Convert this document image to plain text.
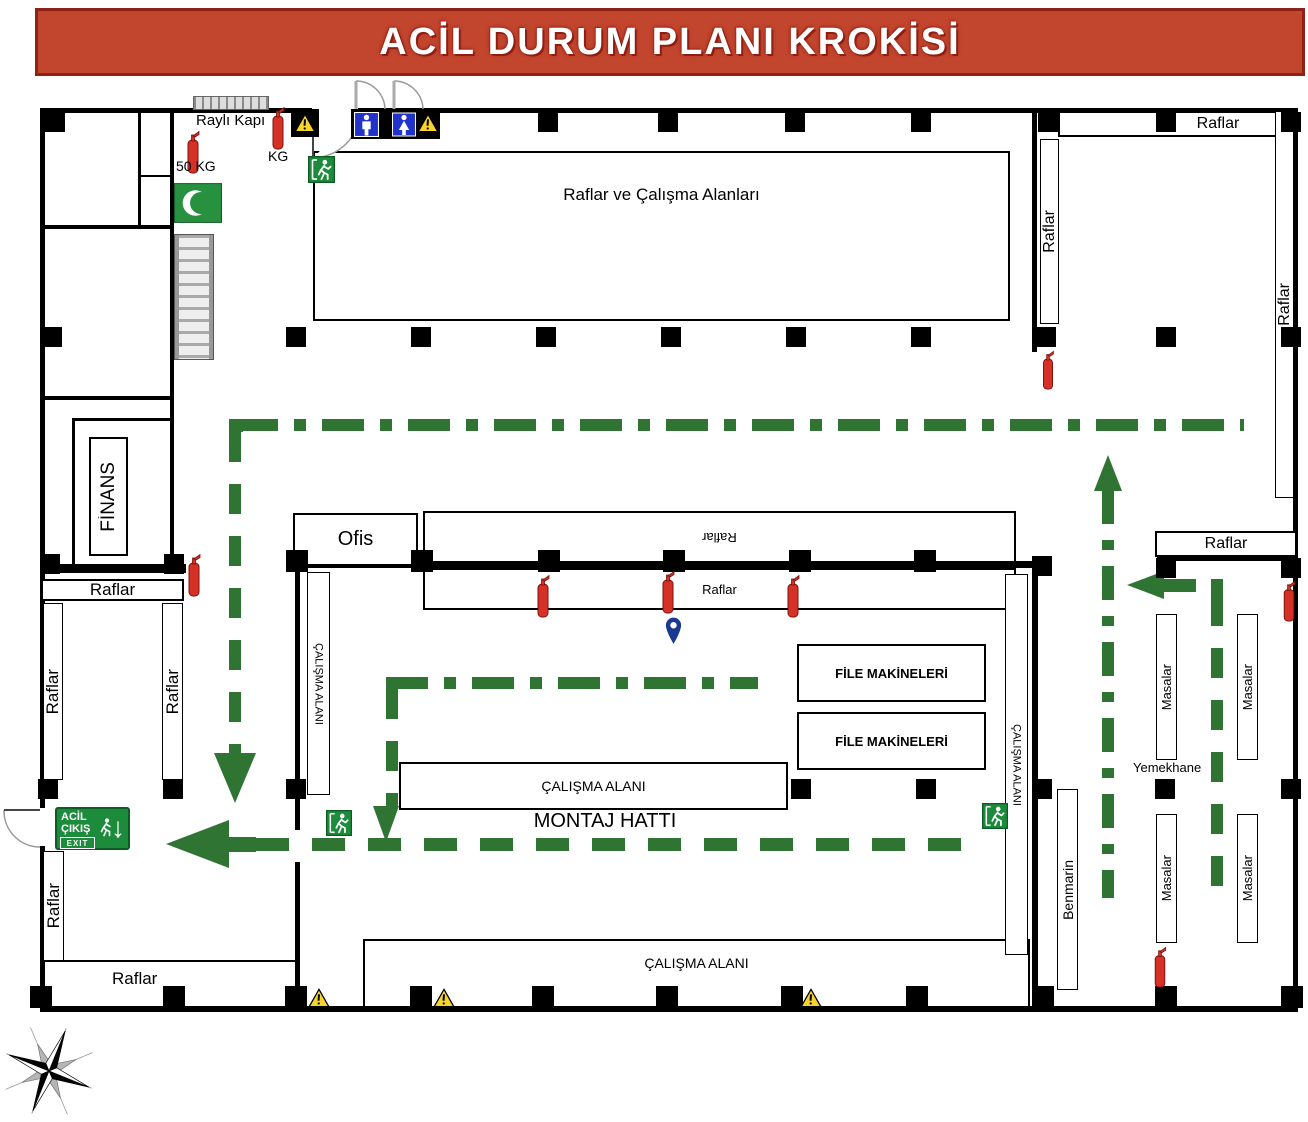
ACİL DURUM PLANI KROKİSİ
Raflar ve Çalışma Alanları
Raflar
Raflar
Raflar
Raflar
FİNANS
Ofis	Raflar
Raflar
Raflar
Raflar	Raflar
Raflar
Raflar
ÇALIŞMA ALANI
ÇALIŞMA ALANI
FİLE MAKİNELERİ
FİLE MAKİNELERİ
MONTAJ HATTI
ÇALIŞMA ALANI
ÇALIŞMA ALANI
Benmarin
Masalar	Masalar
Masalar	Masalar
Yemekhane
Raylı Kapı
50 KG
KG
ACİL
ÇIKIŞ
EXIT ↓
